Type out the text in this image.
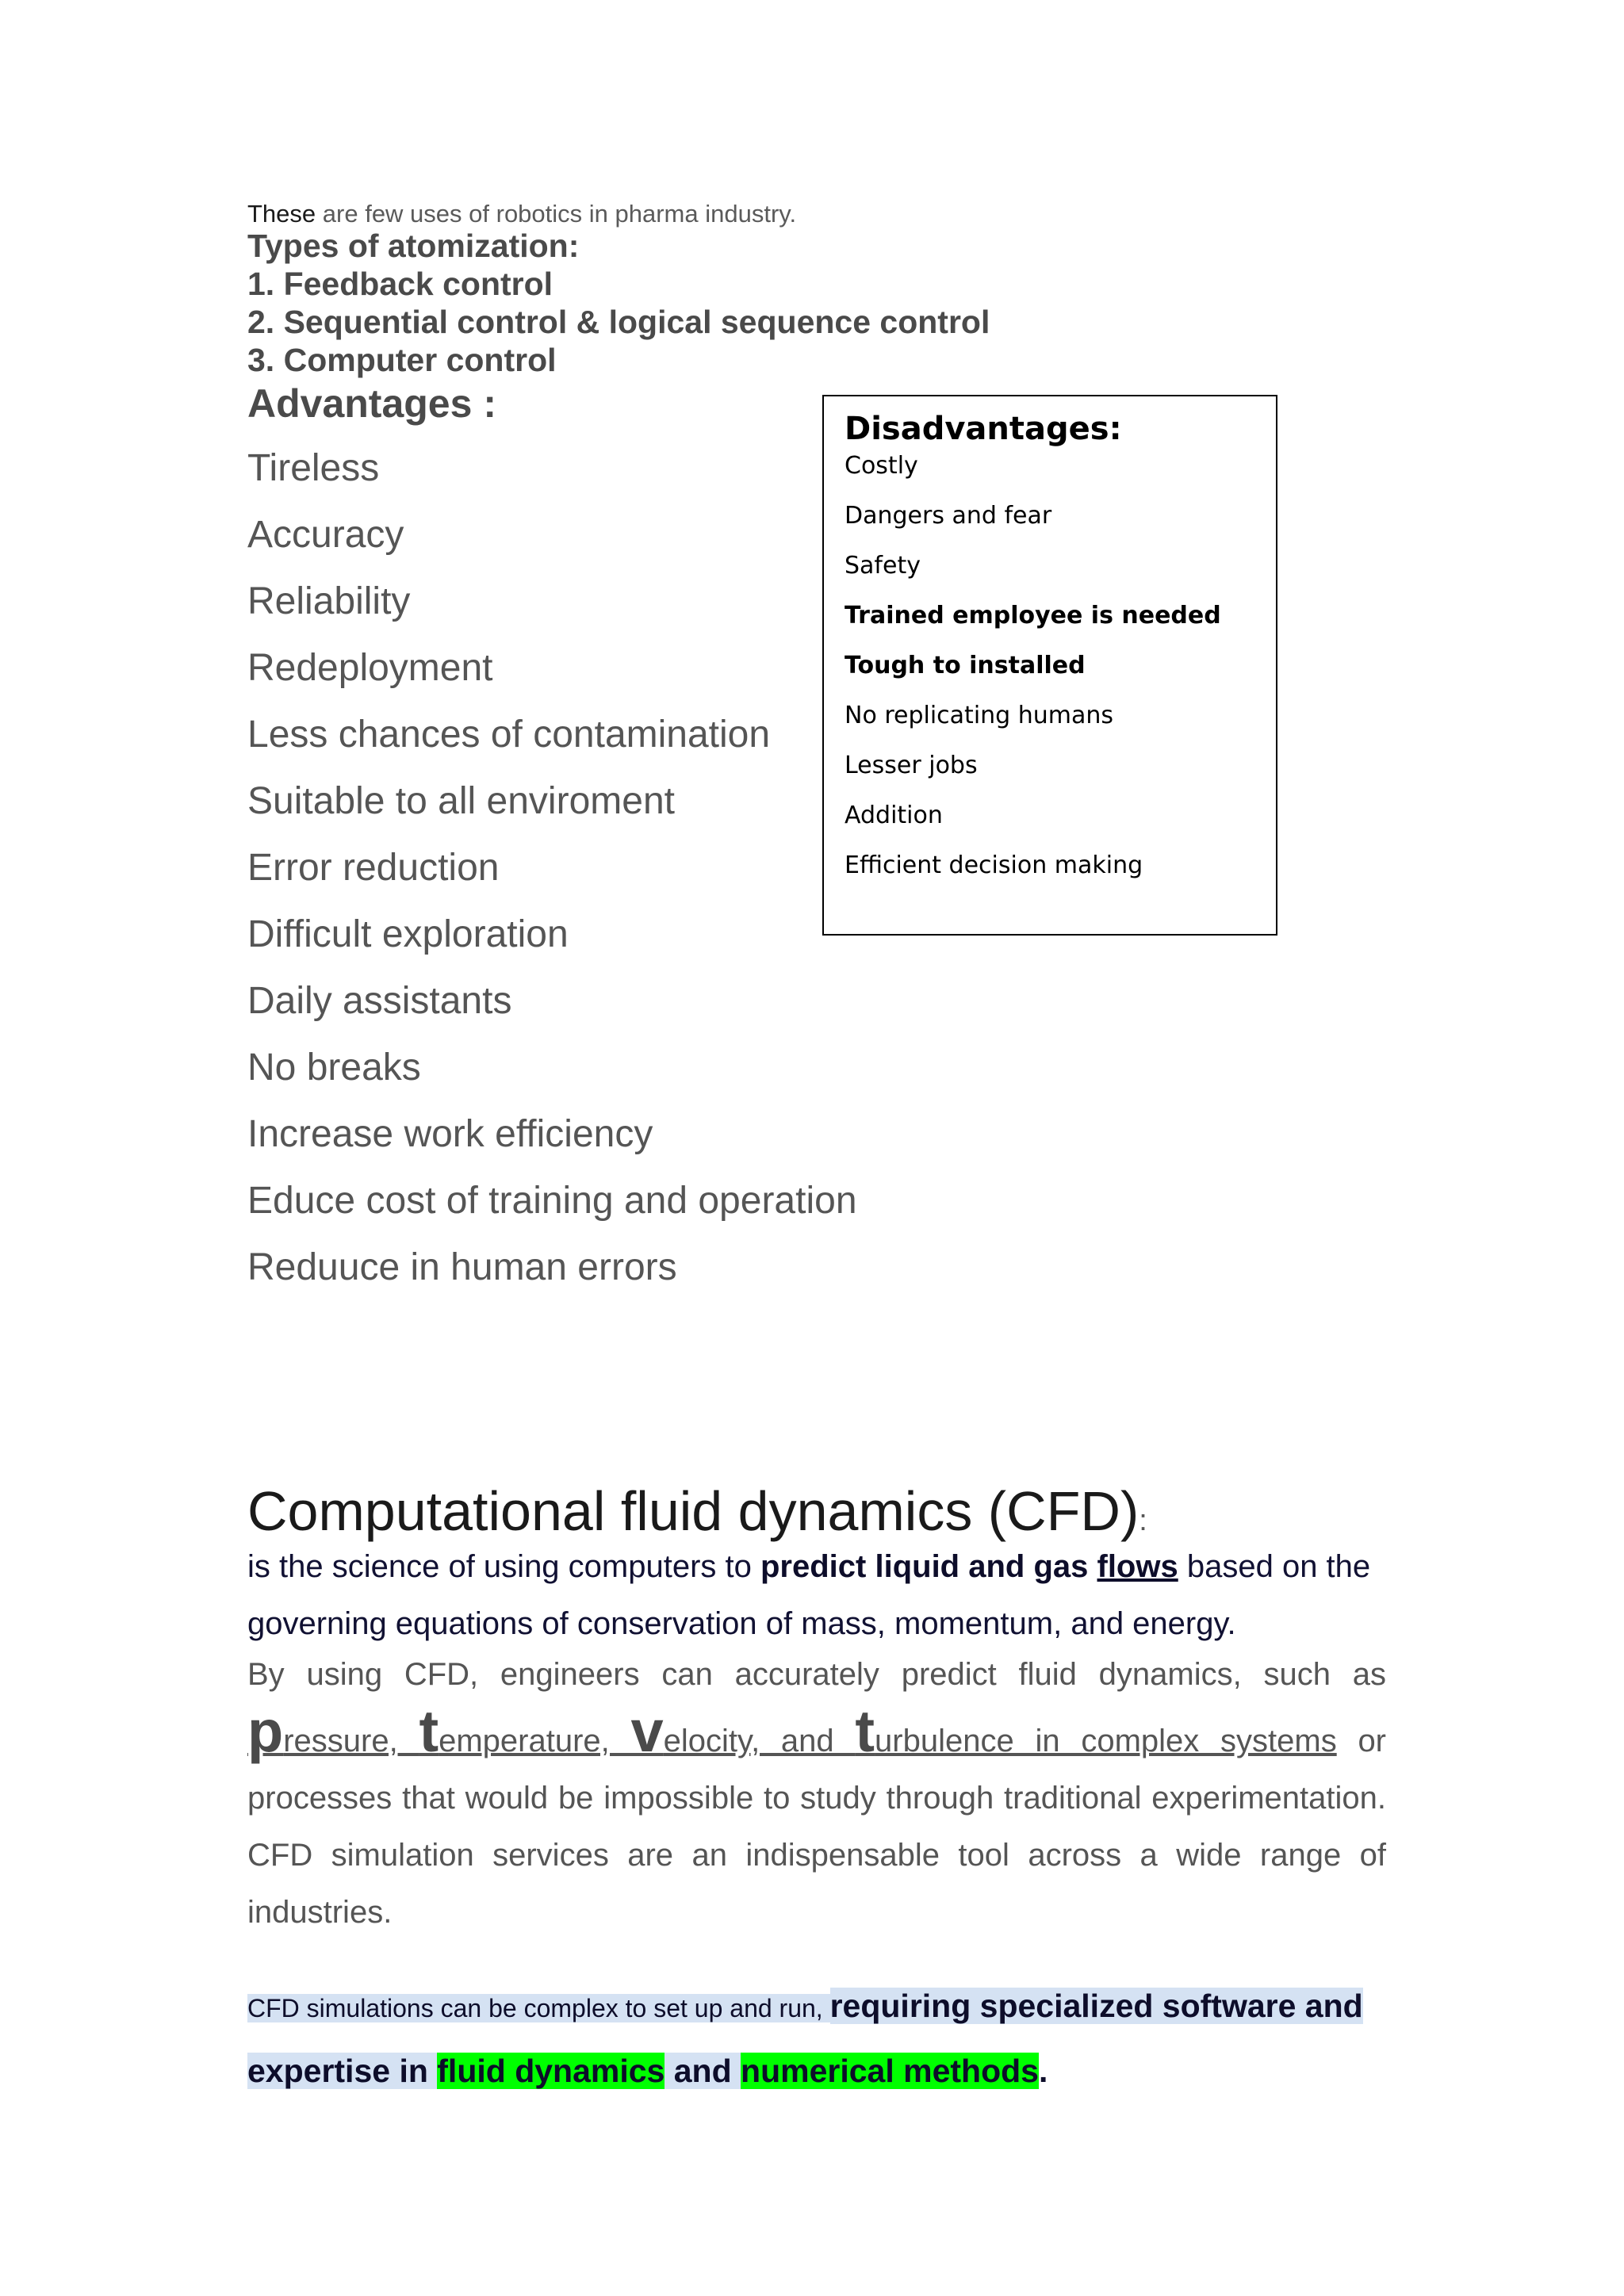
These are few uses of robotics in pharma industry.
Types of atomization:
1. Feedback control
2. Sequential control & logical sequence control
3. Computer control
Advantages :
Tireless
Accuracy
Reliability
Redeployment
Less chances of contamination
Suitable to all enviroment
Error reduction
Difficult exploration
Daily assistants
No breaks
Increase work efficiency
Educe cost of training and operation
Reduuce in human errors
Disadvantages:
Costly
Dangers and fear
Safety
Trained employee is needed
Tough to installed
No replicating humans
Lesser jobs
Addition
Efficient decision making
Computational fluid dynamics (CFD):
is the science of using computers to predict liquid and gas flows based on the governing equations of conservation of mass, momentum, and energy.
By using CFD, engineers can accurately predict fluid dynamics, such as pressure, temperature, velocity, and turbulence in complex systems or processes that would be impossible to study through traditional experimentation. CFD simulation services are an indispensable tool across a wide range of industries.
CFD simulations can be complex to set up and run, requiring specialized software and expertise in fluid dynamics and numerical methods.
